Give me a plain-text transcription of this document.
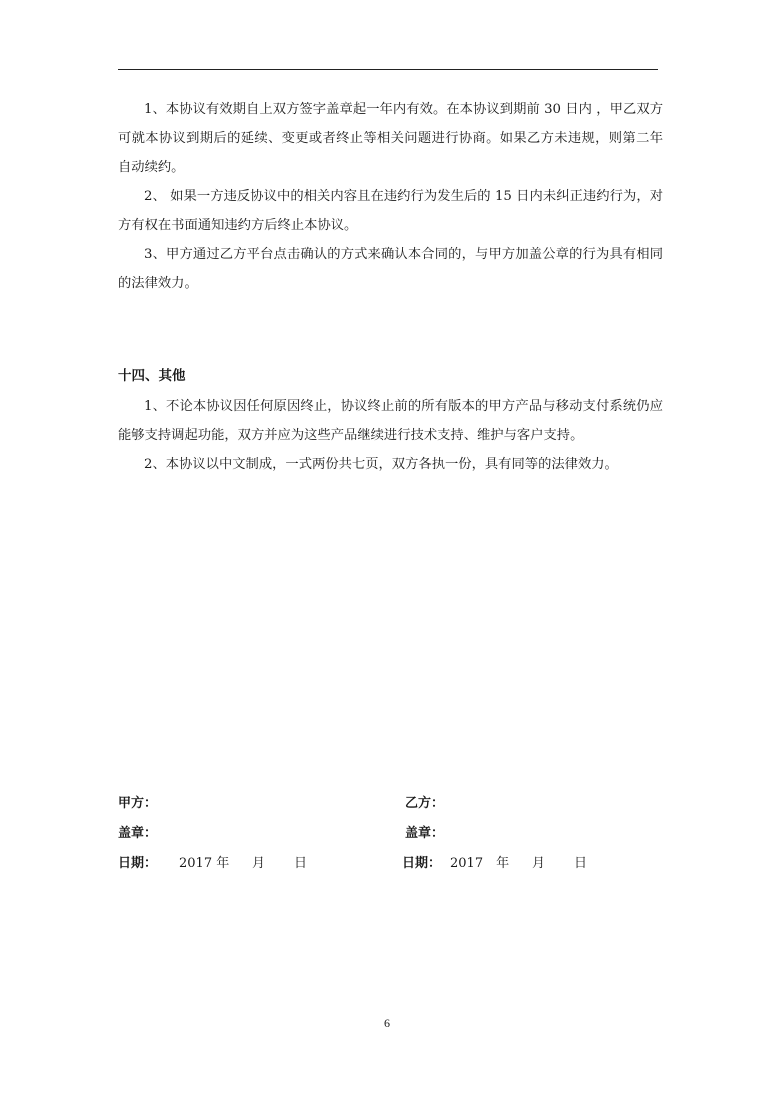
1、本协议有效期自上双方签字盖章起一年内有效。在本协议到期前 30 日内 ，甲乙双方可就本协议到期后的延续、变更或者终止等相关问题进行协商。如果乙方未违规，则第二年自动续约。

2、 如果一方违反协议中的相关内容且在违约行为发生后的 15 日内未纠正违约行为，对方有权在书面通知违约方后终止本协议。

3、甲方通过乙方平台点击确认的方式来确认本合同的，与甲方加盖公章的行为具有相同的法律效力。

十四、其他

1、不论本协议因任何原因终止，协议终止前的所有版本的甲方产品与移动支付系统仍应能够支持调起功能，双方并应为这些产品继续进行技术支持、维护与客户支持。

2、本协议以中文制成，一式两份共七页，双方各执一份，具有同等的法律效力。

甲方：
盖章：
日期： 2017 年 月 日
乙方：
盖章：
日期： 2017　年 月 日
6
